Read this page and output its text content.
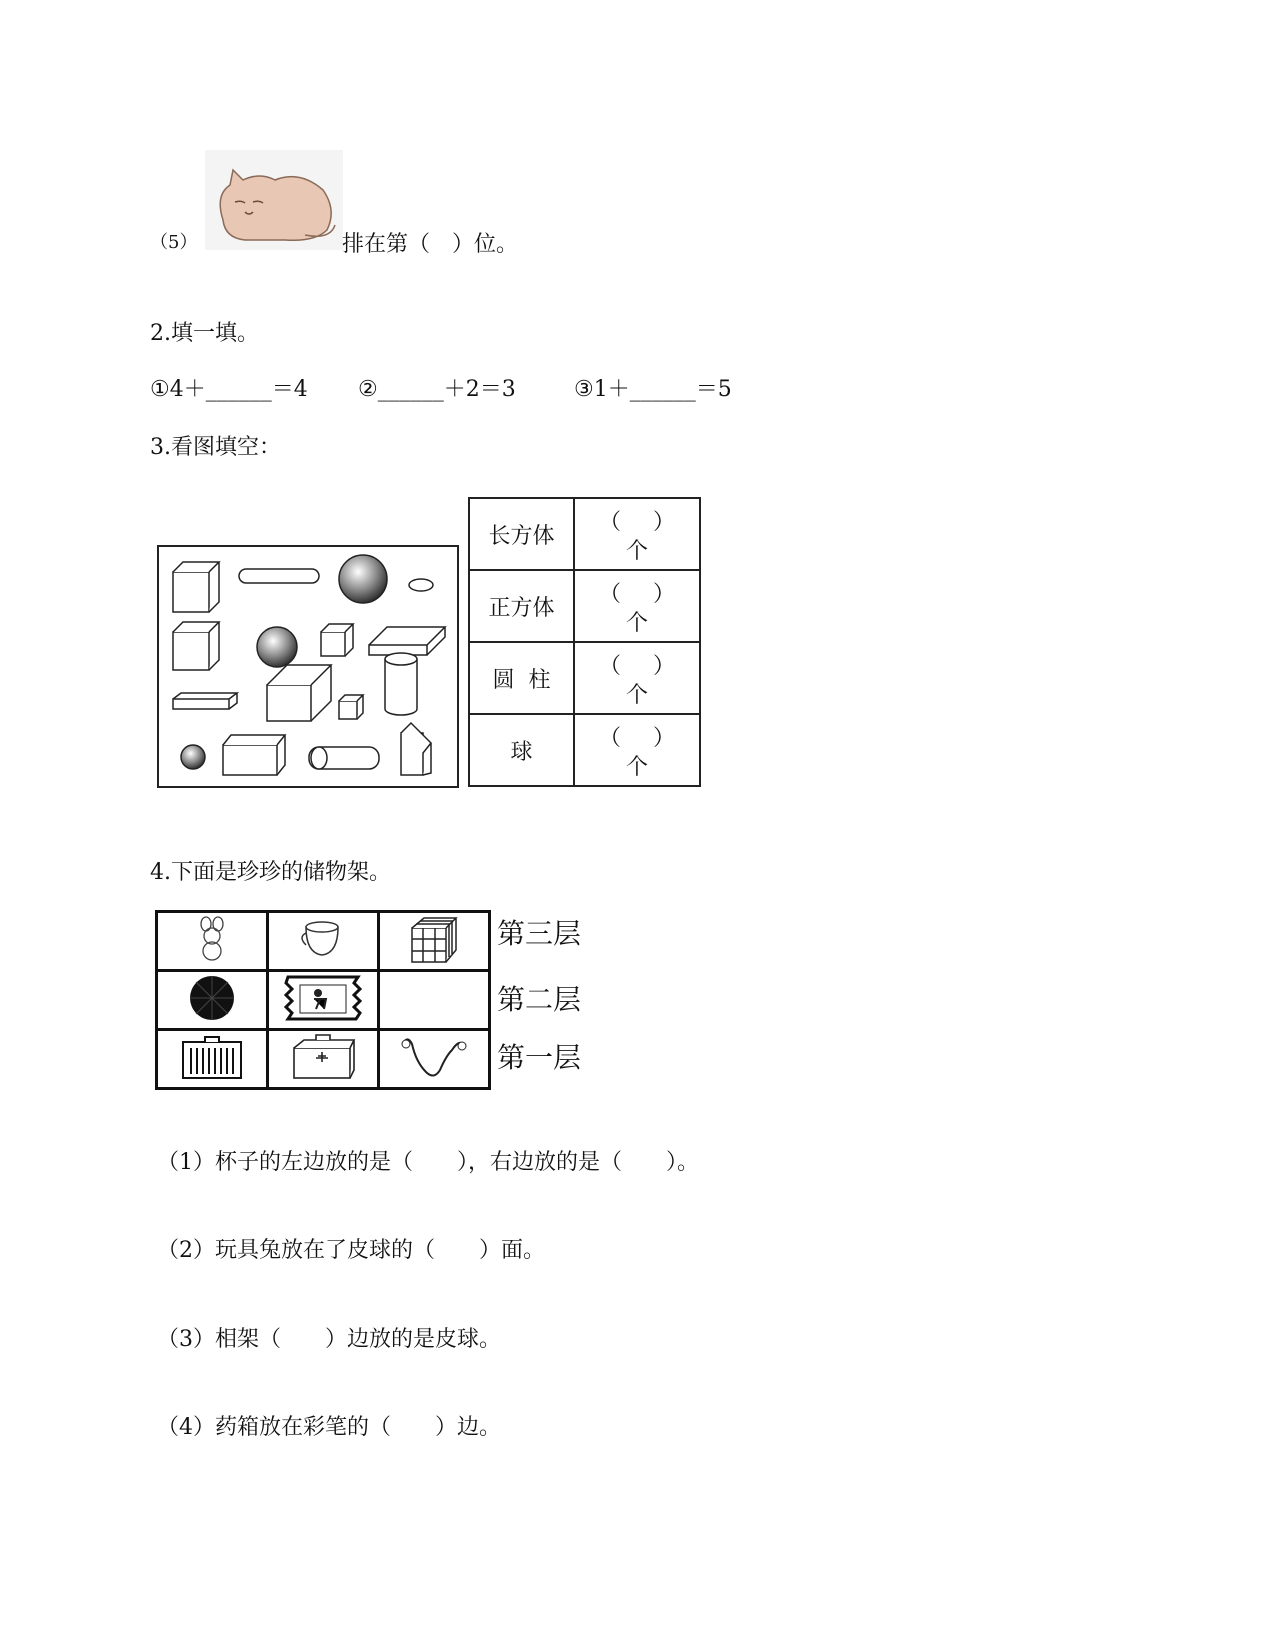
（5）	排在第（　）位。
2.填一填。
①4＋______＝4 ②______＋2＝3	③1＋______＝5
3.看图填空：
长方体	（ ）
个

正方体	（ ）
个

圆  柱	（ ）
个

球	（ ）
个
4.下面是珍珍的储物架。

第三层
第二层
第一层
（1）杯子的左边放的是（　　），右边放的是（　　）。
（2）玩具兔放在了皮球的（　　）面。
（3）相架（　　）边放的是皮球。
（4）药箱放在彩笔的（　　）边。
